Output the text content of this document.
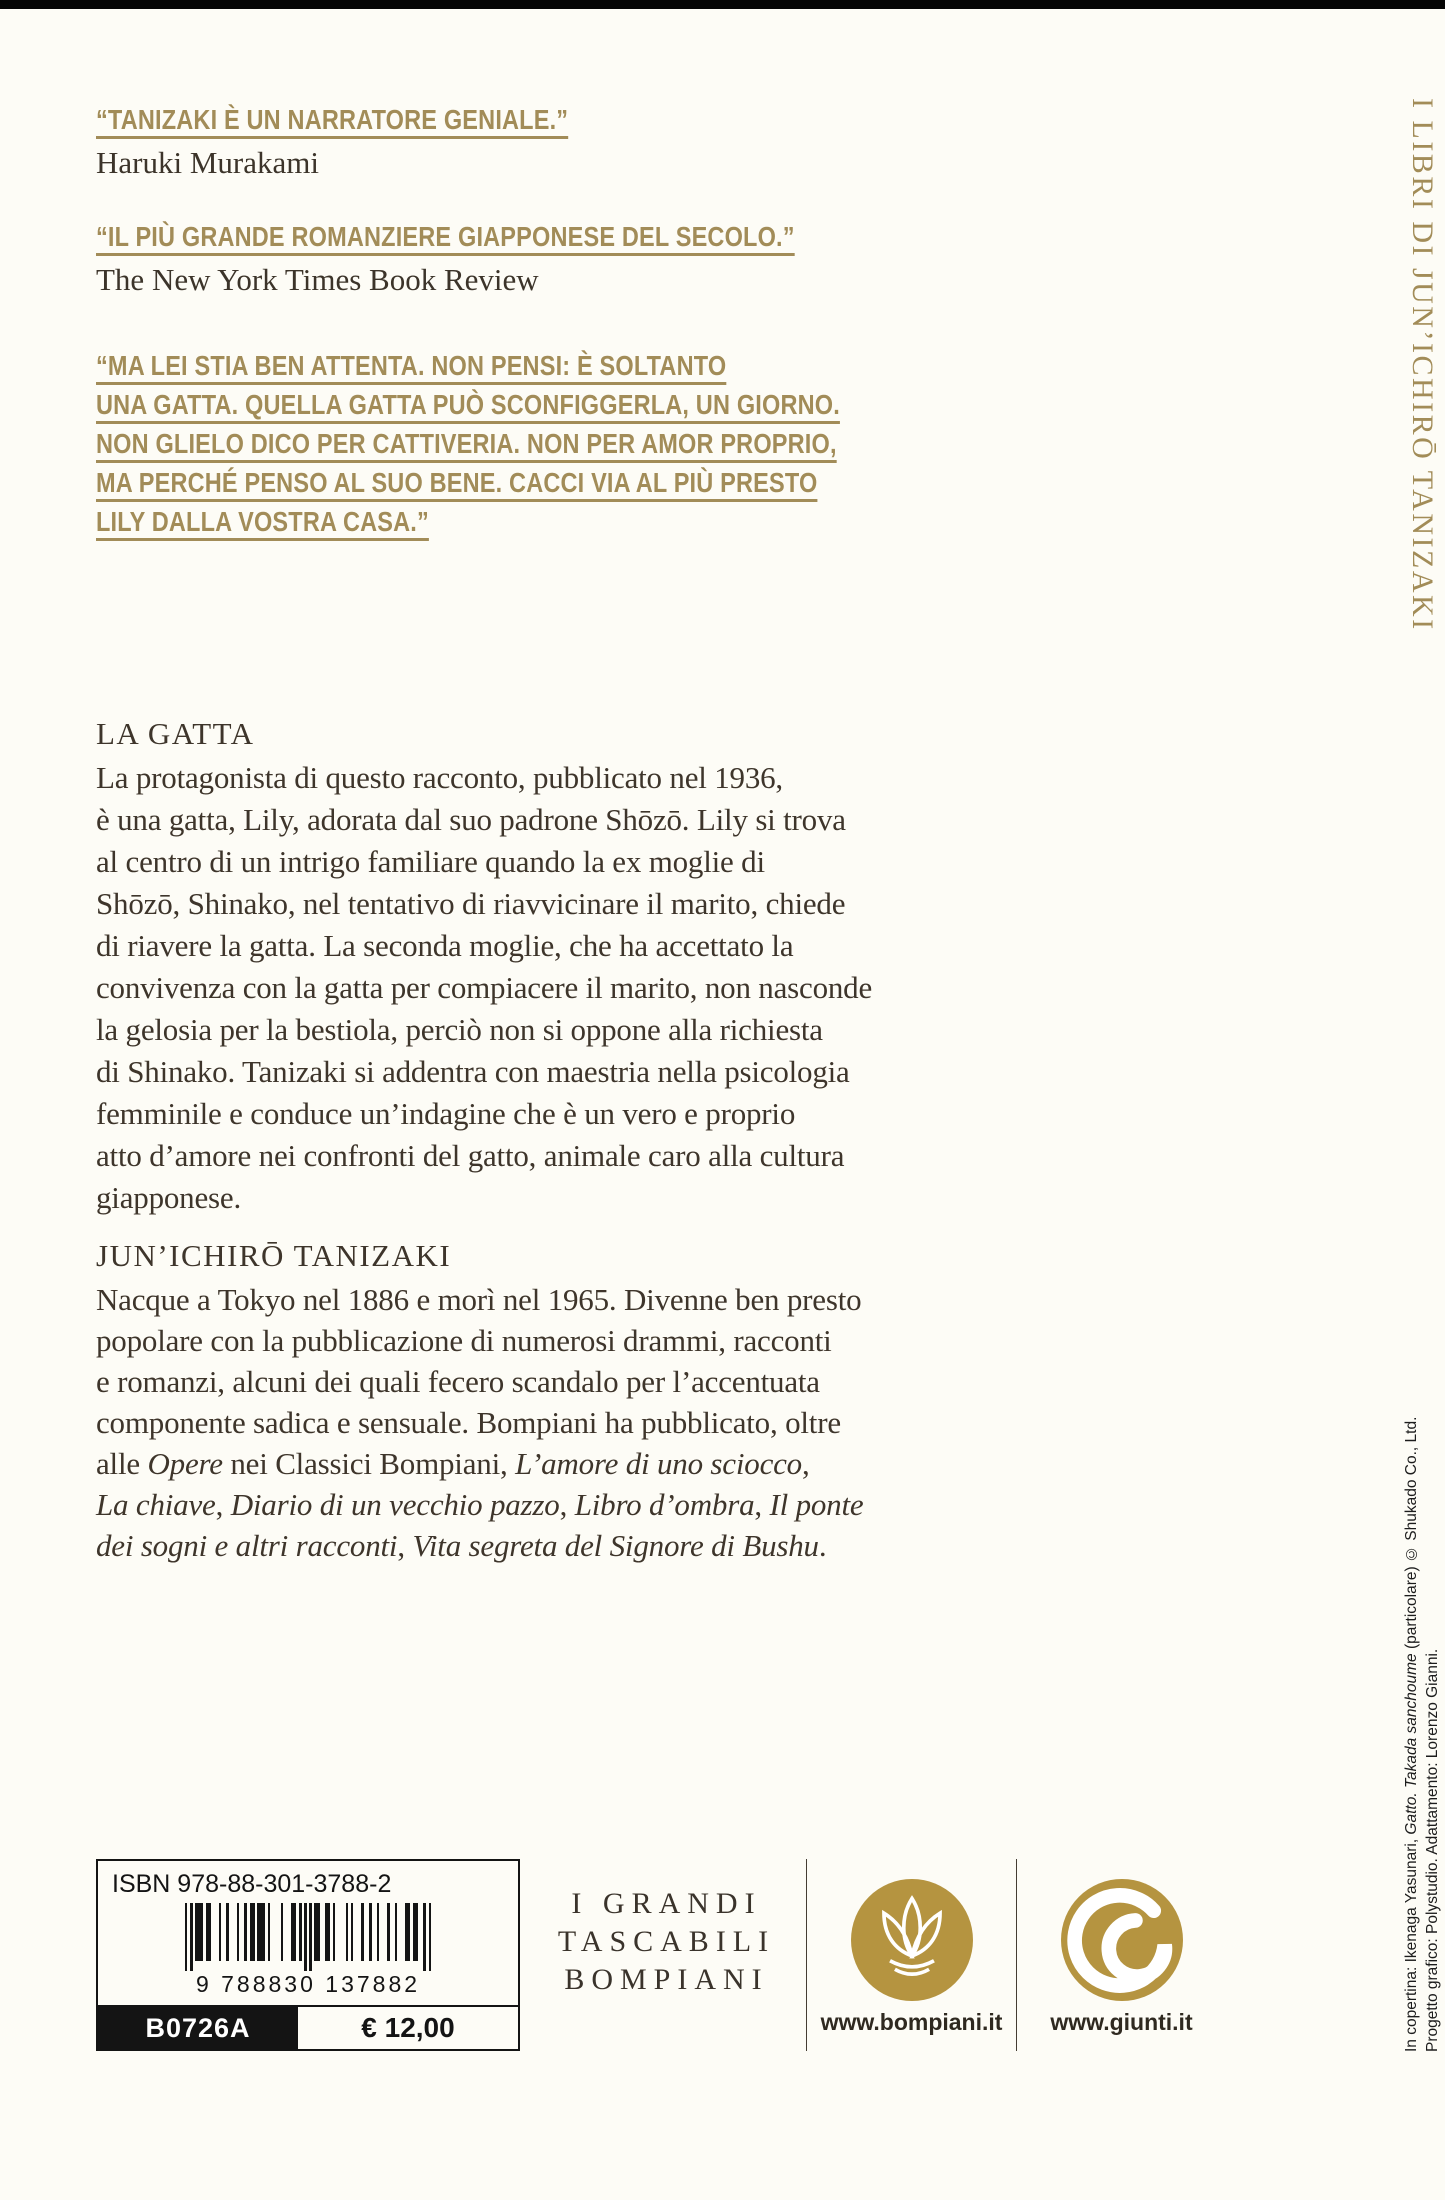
I LIBRI DI JUN’ICHIRŌ TANIZAKI
“TANIZAKI È UN NARRATORE GENIALE.”
Haruki Murakami
“IL PIÙ GRANDE ROMANZIERE GIAPPONESE DEL SECOLO.”
The New York Times Book Review
“MA LEI STIA BEN ATTENTA. NON PENSI: È SOLTANTO
UNA GATTA. QUELLA GATTA PUÒ SCONFIGGERLA, UN GIORNO.
NON GLIELO DICO PER CATTIVERIA. NON PER AMOR PROPRIO,
MA PERCHÉ PENSO AL SUO BENE. CACCI VIA AL PIÙ PRESTO
LILY DALLA VOSTRA CASA.”
LA GATTA
La protagonista di questo racconto, pubblicato nel 1936,
è una gatta, Lily, adorata dal suo padrone Shōzō. Lily si trova
al centro di un intrigo familiare quando la ex moglie di
Shōzō, Shinako, nel tentativo di riavvicinare il marito, chiede
di riavere la gatta. La seconda moglie, che ha accettato la
convivenza con la gatta per compiacere il marito, non nasconde
la gelosia per la bestiola, perciò non si oppone alla richiesta
di Shinako. Tanizaki si addentra con maestria nella psicologia
femminile e conduce un’indagine che è un vero e proprio
atto d’amore nei confronti del gatto, animale caro alla cultura
giapponese.
JUN’ICHIRŌ TANIZAKI
Nacque a Tokyo nel 1886 e morì nel 1965. Divenne ben presto
popolare con la pubblicazione di numerosi drammi, racconti
e romanzi, alcuni dei quali fecero scandalo per l’accentuata
componente sadica e sensuale. Bompiani ha pubblicato, oltre
alle Opere nei Classici Bompiani, L’amore di uno sciocco,
La chiave, Diario di un vecchio pazzo, Libro d’ombra, Il ponte
dei sogni e altri racconti, Vita segreta del Signore di Bushu.
ISBN 978-88-301-3788-2
9 788830 137882
B0726A	€ 12,00
I GRANDI
TASCABILI
BOMPIANI
www.bompiani.it www.giunti.it	In copertina: Ikenaga Yasunari, Gatto. Takada sanchoume (particolare) © Shukado Co., Ltd.
Progetto grafico: Polystudio. Adattamento: Lorenzo Gianni.
